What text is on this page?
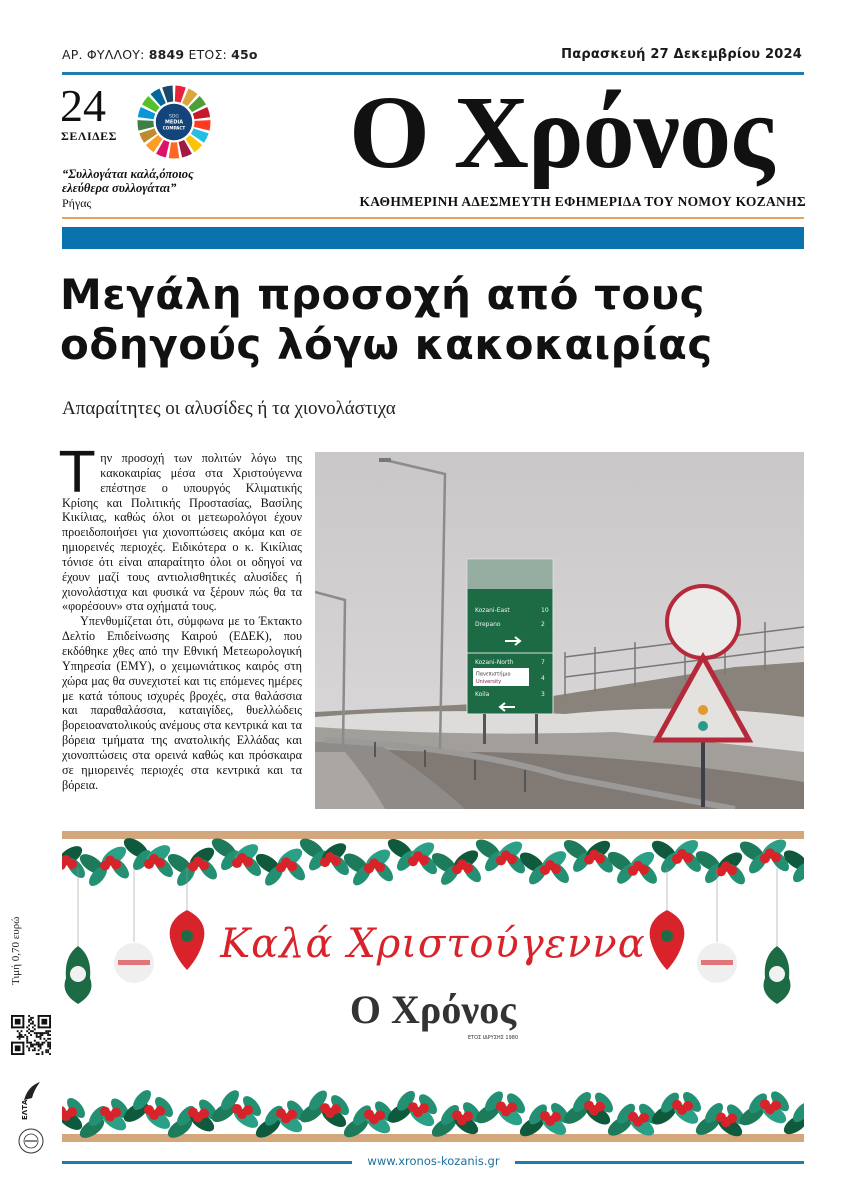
ΑΡ. ΦΥΛΛΟΥ: 8849 ΕΤΟΣ: 45ο	Παρασκευή 27 Δεκεμβρίου 2024
24
ΣΕΛΙΔΕΣ
SDG
MEDIA
COMPACT
“Συλλογάται καλά,όποιος
ελεύθερα συλλογάται”
Ρήγας
Ο Χρόνος
ΚΑΘΗΜΕΡΙΝΗ ΑΔΕΣΜΕΥΤΗ ΕΦΗΜΕΡΙΔΑ ΤΟΥ ΝΟΜΟΥ ΚΟΖΑΝΗΣ
Μεγάλη προσοχή από τους
οδηγούς λόγω κακοκαιρίας
Απαραίτητες οι αλυσίδες ή τα χιονολάστιχα
Τ ην προσοχή των πολιτών λόγω της κακοκαιρίας μέσα στα Χριστούγεννα επέστησε ο υπουργός Κλιματικής Κρίσης και Πολιτικής Προστασίας, Βασίλης Κικίλιας, καθώς όλοι οι μετεωρολόγοι έχουν προειδοποιήσει για χιονοπτώσεις ακόμα και σε ημιορεινές περιοχές. Ειδικότερα ο κ. Κικίλιας τόνισε ότι είναι απαραίτητο όλοι οι οδηγοί να έχουν μαζί τους αντιολισθητικές αλυσίδες ή χιονολάστιχα και φυσικά να ξέρουν πώς θα τα «φορέσουν» στα οχήματά τους.

Υπενθυμίζεται ότι, σύμφωνα με το Έκτακτο Δελτίο Επιδείνωσης Καιρού (ΕΔΕΚ), που εκδόθηκε χθες από την Εθνική Μετεωρολογική Υπηρεσία (ΕΜΥ), ο χειμωνιάτικος καιρός στη χώρα μας θα συνεχιστεί και τις επόμενες ημέρες με κατά τόπους ισχυρές βροχές, στα θαλάσσια και παραθαλάσσια, καταιγίδες, θυελλώδεις βορειοανατολικούς ανέμους στα κεντρικά και τα βόρεια τμήματα της ανατολικής Ελλάδας και χιονοπτώσεις στα ορεινά καθώς και πρόσκαιρα σε ημιορεινές περιοχές στα κεντρικά και τα βόρεια.

Kozani-East	10
Drepano	2
Kozani-North	7
4
Koila	3
Πανεπιστήμιο
University
Καλά Χριστούγεννα
Ο Χρόνος
ΕΤΟΣ ΙΔΡΥΣΗΣ 1980
Τιμή 0,70 ευρώ
ΕΛΤΑ
www.xronos-kozanis.gr
